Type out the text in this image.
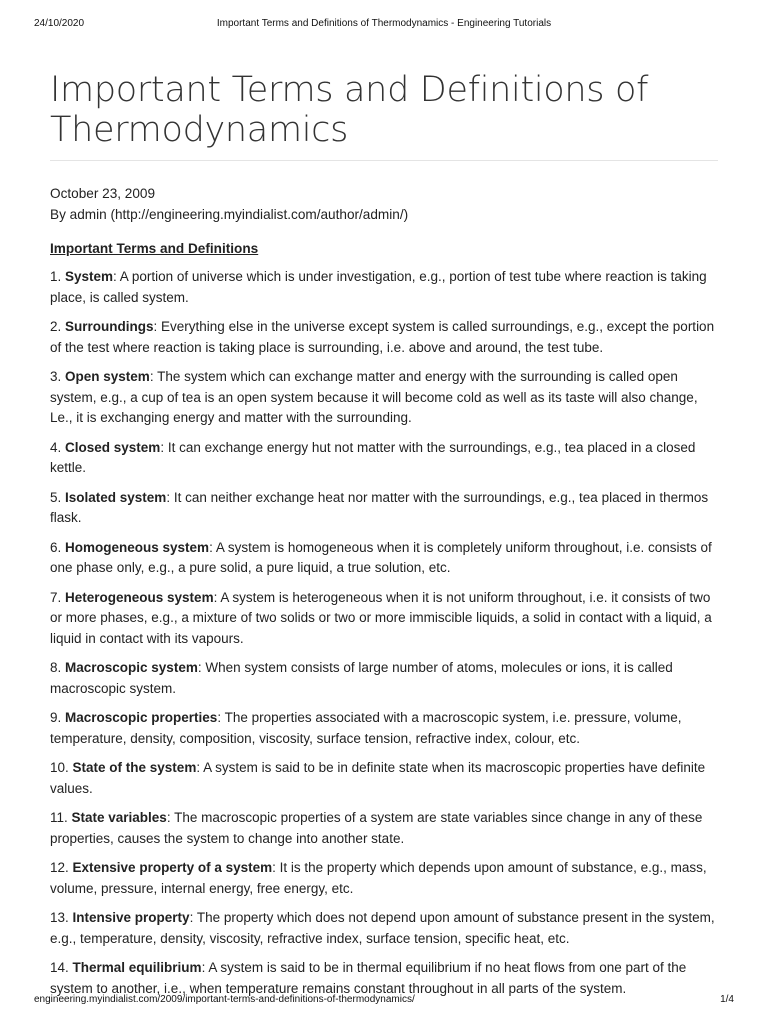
24/10/2020	Important Terms and Definitions of Thermodynamics - Engineering Tutorials
Important Terms and Definitions of Thermodynamics
October 23, 2009
By admin (http://engineering.myindialist.com/author/admin/)
Important Terms and Definitions
1. System: A portion of universe which is under investigation, e.g., portion of test tube where reaction is taking place, is called system.
2. Surroundings: Everything else in the universe except system is called surroundings, e.g., except the portion of the test where reaction is taking place is surrounding, i.e. above and around, the test tube.
3. Open system: The system which can exchange matter and energy with the surrounding is called open system, e.g., a cup of tea is an open system because it will become cold as well as its taste will also change, Le., it is exchanging energy and matter with the surrounding.
4. Closed system: It can exchange energy hut not matter with the surroundings, e.g., tea placed in a closed kettle.
5. Isolated system: It can neither exchange heat nor matter with the surroundings, e.g., tea placed in thermos flask.
6. Homogeneous system: A system is homogeneous when it is completely uniform throughout, i.e. consists of one phase only, e.g., a pure solid, a pure liquid, a true solution, etc.
7. Heterogeneous system: A system is heterogeneous when it is not uniform throughout, i.e. it consists of two or more phases, e.g., a mixture of two solids or two or more immiscible liquids, a solid in contact with a liquid, a liquid in contact with its vapours.
8. Macroscopic system: When system consists of large number of atoms, molecules or ions, it is called macroscopic system.
9. Macroscopic properties: The properties associated with a macroscopic system, i.e. pressure, volume, temperature, density, composition, viscosity, surface tension, refractive index, colour, etc.
10. State of the system: A system is said to be in definite state when its macroscopic properties have definite values.
11. State variables: The macroscopic properties of a system are state variables since change in any of these properties, causes the system to change into another state.
12. Extensive property of a system: It is the property which depends upon amount of substance, e.g., mass, volume, pressure, internal energy, free energy, etc.
13. Intensive property: The property which does not depend upon amount of substance present in the system, e.g., temperature, density, viscosity, refractive index, surface tension, specific heat, etc.
14. Thermal equilibrium: A system is said to be in thermal equilibrium if no heat flows from one part of the system to another, i.e., when temperature remains constant throughout in all parts of the system.
engineering.myindialist.com/2009/important-terms-and-definitions-of-thermodynamics/	1/4
